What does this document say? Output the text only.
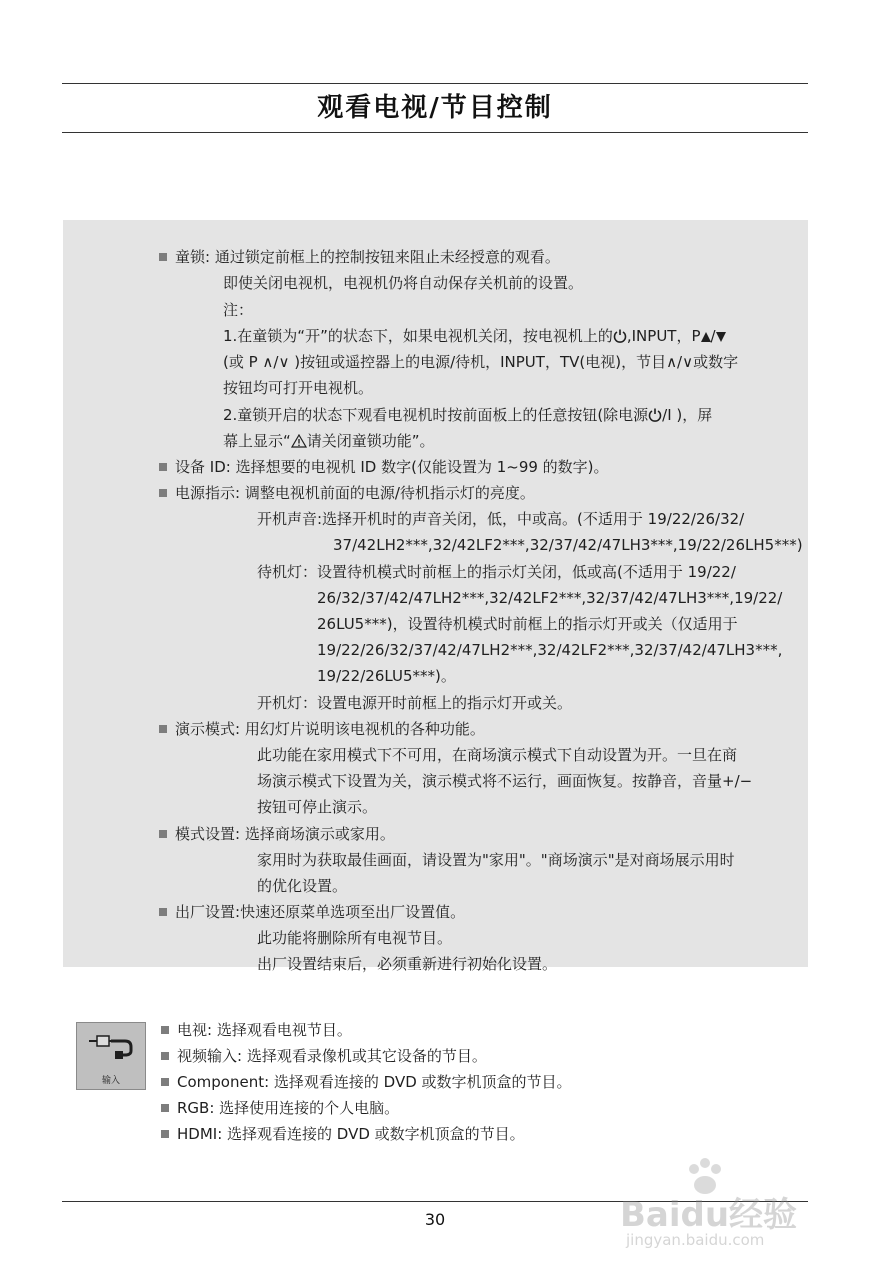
观看电视/节目控制
童锁: 通过锁定前框上的控制按钮来阻止未经授意的观看。
即使关闭电视机，电视机仍将自动保存关机前的设置。
注：
1.在童锁为“开”的状态下，如果电视机关闭，按电视机上的 ,INPUT，P /
(或 P ∧/∨ )按钮或遥控器上的电源/待机，INPUT，TV(电视)，节目∧/∨或数字
按钮均可打开电视机。
2.童锁开启的状态下观看电视机时按前面板上的任意按钮(除电源 /I )，屏
幕上显示“ 请关闭童锁功能”。
设备 ID: 选择想要的电视机 ID 数字(仅能设置为 1~99 的数字)。
电源指示: 调整电视机前面的电源/待机指示灯的亮度。
开机声音:选择开机时的声音关闭，低，中或高。(不适用于 19/22/26/32/
37/42LH2***,32/42LF2***,32/37/42/47LH3***,19/22/26LH5***)
待机灯：设置待机模式时前框上的指示灯关闭，低或高(不适用于 19/22/
26/32/37/42/47LH2***,32/42LF2***,32/37/42/47LH3***,19/22/
26LU5***)，设置待机模式时前框上的指示灯开或关（仅适用于
19/22/26/32/37/42/47LH2***,32/42LF2***,32/37/42/47LH3***,
19/22/26LU5***)。
开机灯：设置电源开时前框上的指示灯开或关。
演示模式: 用幻灯片说明该电视机的各种功能。
此功能在家用模式下不可用，在商场演示模式下自动设置为开。一旦在商
场演示模式下设置为关，演示模式将不运行，画面恢复。按静音，音量+/−
按钮可停止演示。
模式设置: 选择商场演示或家用。
家用时为获取最佳画面，请设置为"家用"。"商场演示"是对商场展示用时
的优化设置。
出厂设置:快速还原菜单选项至出厂设置值。
此功能将删除所有电视节目。
出厂设置结束后，必须重新进行初始化设置。
输入
电视: 选择观看电视节目。
视频输入: 选择观看录像机或其它设备的节目。
Component: 选择观看连接的 DVD 或数字机顶盒的节目。
RGB: 选择使用连接的个人电脑。
HDMI: 选择观看连接的 DVD 或数字机顶盒的节目。
30	Baidu经验
jingyan.baidu.com
